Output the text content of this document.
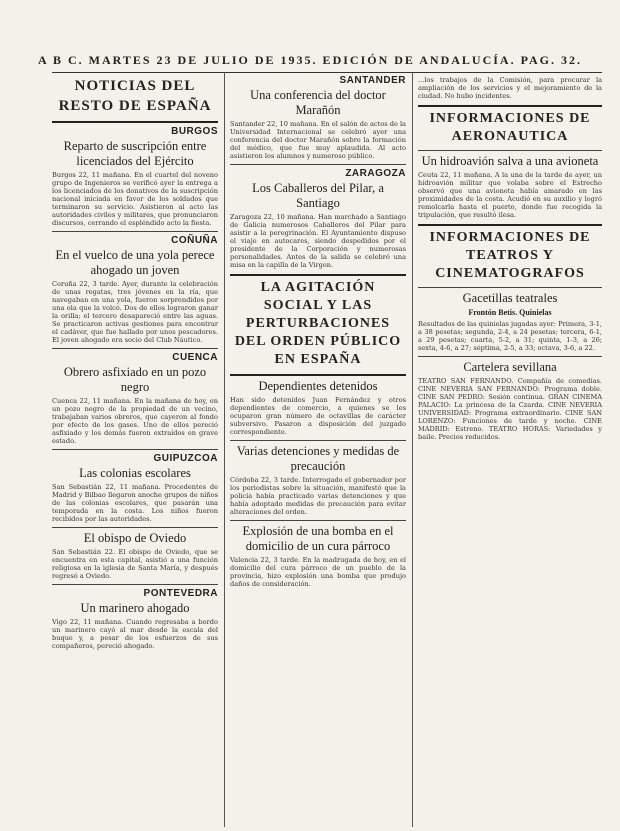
A B C. MARTES 23 DE JULIO DE 1935. EDICIÓN DE ANDALUCÍA. PAG. 32.
NOTICIAS DEL RESTO DE ESPAÑA
BURGOS
Reparto de suscripción entre licenciados del Ejército

Burgos 22, 11 mañana. En el cuartel del noveno grupo de Ingenieros se verificó ayer la entrega a los licenciados de los donativos de la suscripción nacional iniciada en favor de los soldados que terminaron su servicio. Asistieron al acto las autoridades civiles y militares, que pronunciaron discursos, cerrando el espléndido acto la fiesta.

COÑUÑA
En el vuelco de una yola perece ahogado un joven

Coruña 22, 3 tarde. Ayer, durante la celebración de unas regatas, tres jóvenes en la ría, que navegaban en una yola, fueron sorprendidos por una ola que la volcó. Dos de ellos lograron ganar la orilla; el tercero desapareció entre las aguas. Se practicaron activas gestiones para encontrar el cadáver, que fue hallado por unos pescadores. El joven ahogado era socio del Club Náutico.

CUENCA
Obrero asfixiado en un pozo negro

Cuenca 22, 11 mañana. En la mañana de hoy, en un pozo negro de la propiedad de un vecino, trabajaban varios obreros, que cayeron al fondo por efecto de los gases. Uno de ellos pereció asfixiado y los demás fueron extraídos en grave estado.

GUIPUZCOA
Las colonias escolares

San Sebastián 22, 11 mañana. Procedentes de Madrid y Bilbao llegaron anoche grupos de niños de las colonias escolares, que pasarán una temporada en la costa. Los niños fueron recibidos por las autoridades.

El obispo de Oviedo

San Sebastián 22. El obispo de Oviedo, que se encuentra en esta capital, asistió a una función religiosa en la iglesia de Santa María, y después regresó a Oviedo.

PONTEVEDRA
Un marinero ahogado

Vigo 22, 11 mañana. Cuando regresaba a bordo un marinero cayó al mar desde la escala del buque y, a pesar de los esfuerzos de sus compañeros, pereció ahogado.

SANTANDER
Una conferencia del doctor Marañón

Santander 22, 10 mañana. En el salón de actos de la Universidad Internacional se celebró ayer una conferencia del doctor Marañón sobre la formación del médico, que fue muy aplaudida. Al acto asistieron los alumnos y numeroso público.

ZARAGOZA
Los Caballeros del Pilar, a Santiago

Zaragoza 22, 10 mañana. Han marchado a Santiago de Galicia numerosos Caballeros del Pilar para asistir a la peregrinación. El Ayuntamiento dispuso el viaje en autocares, siendo despedidos por el presidente de la Corporación y numerosas personalidades. Antes de la salida se celebró una misa en la capilla de la Virgen.

LA AGITACIÓN SOCIAL Y LAS PERTURBACIONES DEL ORDEN PÚBLICO EN ESPAÑA
Dependientes detenidos

Han sido detenidos Juan Fernández y otros dependientes de comercio, a quienes se les ocuparon gran número de octavillas de carácter subversivo. Pasaron a disposición del juzgado correspondiente.

Varias detenciones y medidas de precaución

Córdoba 22, 3 tarde. Interrogado el gobernador por los periodistas sobre la situación, manifestó que la policía había practicado varias detenciones y que había adoptado medidas de precaución para evitar alteraciones del orden.

Explosión de una bomba en el domicilio de un cura párroco

Valencia 22, 3 tarde. En la madrugada de hoy, en el domicilio del cura párroco de un pueblo de la provincia, hizo explosión una bomba que produjo daños de consideración.

...los trabajos de la Comisión, para procurar la ampliación de los servicios y el mejoramiento de la ciudad. No hubo incidentes.

INFORMACIONES DE AERONAUTICA
Un hidroavión salva a una avioneta

Ceuta 22, 11 mañana. A la una de la tarde de ayer, un hidroavión militar que volaba sobre el Estrecho observó que una avioneta había amarado en las proximidades de la costa. Acudió en su auxilio y logró remolcarla hasta el puerto, donde fue recogida la tripulación, que resultó ilesa.

INFORMACIONES DE TEATROS Y CINEMATOGRAFOS
Gacetillas teatrales
Frontón Betis. Quinielas

Resultados de las quinielas jugadas ayer: Primera, 3-1, a 38 pesetas; segunda, 2-4, a 24 pesetas; tercera, 6-1, a 29 pesetas; cuarta, 5-2, a 31; quinta, 1-3, a 26; sexta, 4-6, a 27; séptima, 2-5, a 33; octava, 3-6, a 22.

Cartelera sevillana

TEATRO SAN FERNANDO. Compañía de comedias. CINE NEVERIA SAN FERNANDO: Programa doble. CINE SAN PEDRO: Sesión continua. GRAN CINEMA PALACIO: La princesa de la Czarda. CINE NEVERIA UNIVERSIDAD: Programa extraordinario. CINE SAN LORENZO: Funciones de tarde y noche. CINE MADRID: Estreno. TEATRO HORAS: Variedades y baile. Precios reducidos.
